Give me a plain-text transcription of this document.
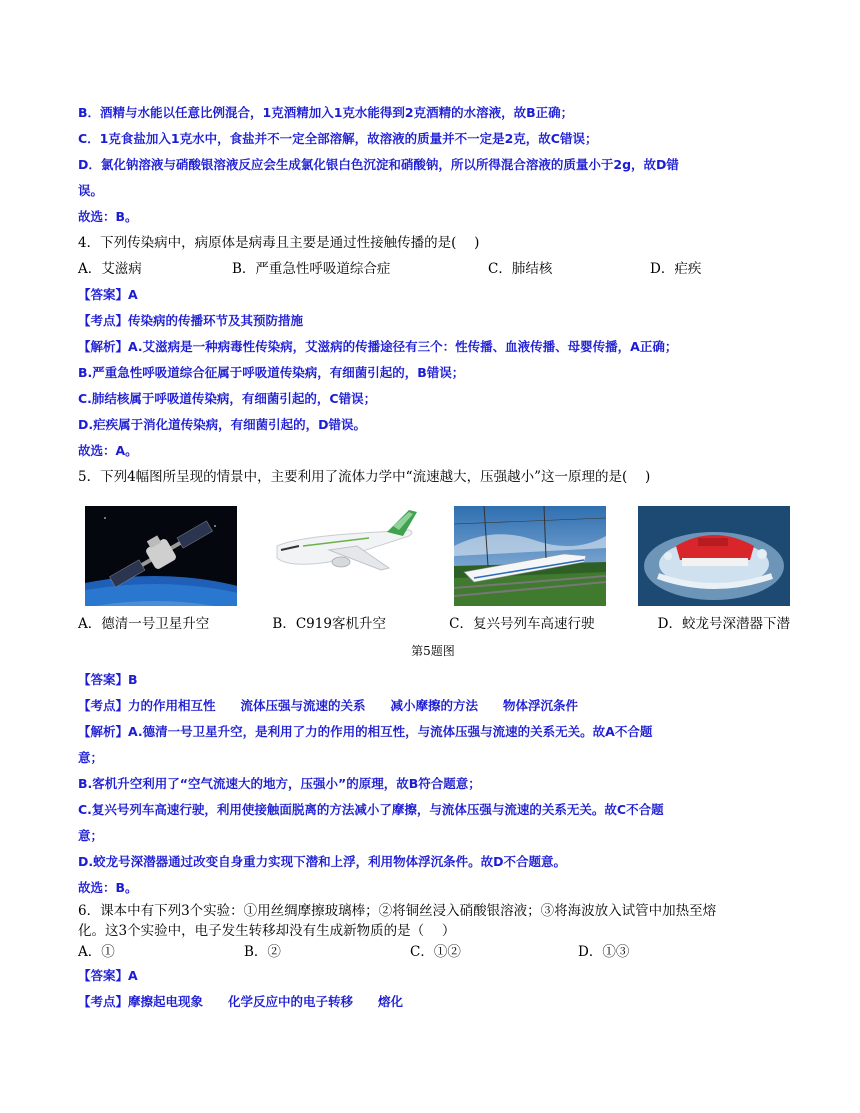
B．酒精与水能以任意比例混合，1克酒精加入1克水能得到2克酒精的水溶液，故B正确；
C．1克食盐加入1克水中，食盐并不一定全部溶解，故溶液的质量并不一定是2克，故C错误；
D．氯化钠溶液与硝酸银溶液反应会生成氯化银白色沉淀和硝酸钠，所以所得混合溶液的质量小于2g，故D错
误。
故选：B。
4．下列传染病中，病原体是病毒且主要是通过性接触传播的是(　 )
A．艾滋病	B．严重急性呼吸道综合症	C．肺结核	D．疟疾
【答案】A
【考点】传染病的传播环节及其预防措施
【解析】A.艾滋病是一种病毒性传染病，艾滋病的传播途径有三个：性传播、血液传播、母婴传播，A正确；
B.严重急性呼吸道综合征属于呼吸道传染病，有细菌引起的，B错误；
C.肺结核属于呼吸道传染病，有细菌引起的，C错误；
D.疟疾属于消化道传染病，有细菌引起的，D错误。
故选：A。
5．下列4幅图所呈现的情景中，主要利用了流体力学中“流速越大，压强越小”这一原理的是(　 )
A．德清一号卫星升空	B．C919客机升空	C．复兴号列车高速行驶	D．蛟龙号深潜器下潜
第5题图
【答案】B
【考点】力的作用相互性　　流体压强与流速的关系　　减小摩擦的方法　　物体浮沉条件
【解析】A.德清一号卫星升空，是利用了力的作用的相互性，与流体压强与流速的关系无关。故A不合题
意；
B.客机升空利用了“空气流速大的地方，压强小”的原理，故B符合题意；
C.复兴号列车高速行驶，利用使接触面脱离的方法减小了摩擦，与流体压强与流速的关系无关。故C不合题
意；
D.蛟龙号深潜器通过改变自身重力实现下潜和上浮，利用物体浮沉条件。故D不合题意。
故选：B。
6．课本中有下列3个实验：①用丝绸摩擦玻璃棒；②将铜丝浸入硝酸银溶液；③将海波放入试管中加热至熔
化。这3个实验中，电子发生转移却没有生成新物质的是（　 ）
A．①	B．②	C．①②	D．①③
【答案】A
【考点】摩擦起电现象　　化学反应中的电子转移　　熔化
